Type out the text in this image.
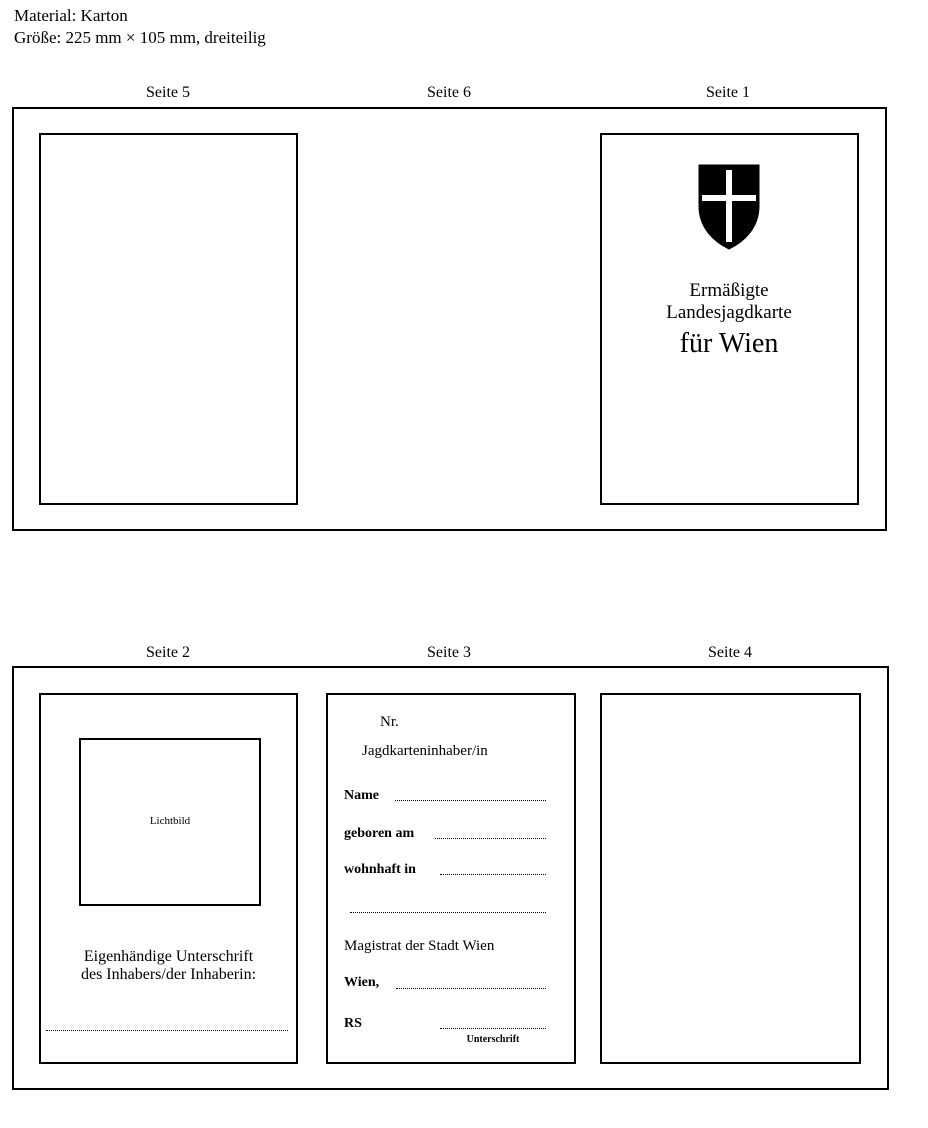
Material: Karton
Größe: 225 mm × 105 mm, dreiteilig
Seite 5	Seite 6	Seite 1
Ermäßigte
Landesjagdkarte
für Wien
Seite 2	Seite 3	Seite 4
Lichtbild
Eigenhändige Unterschrift
des Inhabers/der Inhaberin:
Nr.
Jagdkarteninhaber/in
Name
geboren am
wohnhaft in
Magistrat der Stadt Wien
Wien,
RS
Unterschrift
